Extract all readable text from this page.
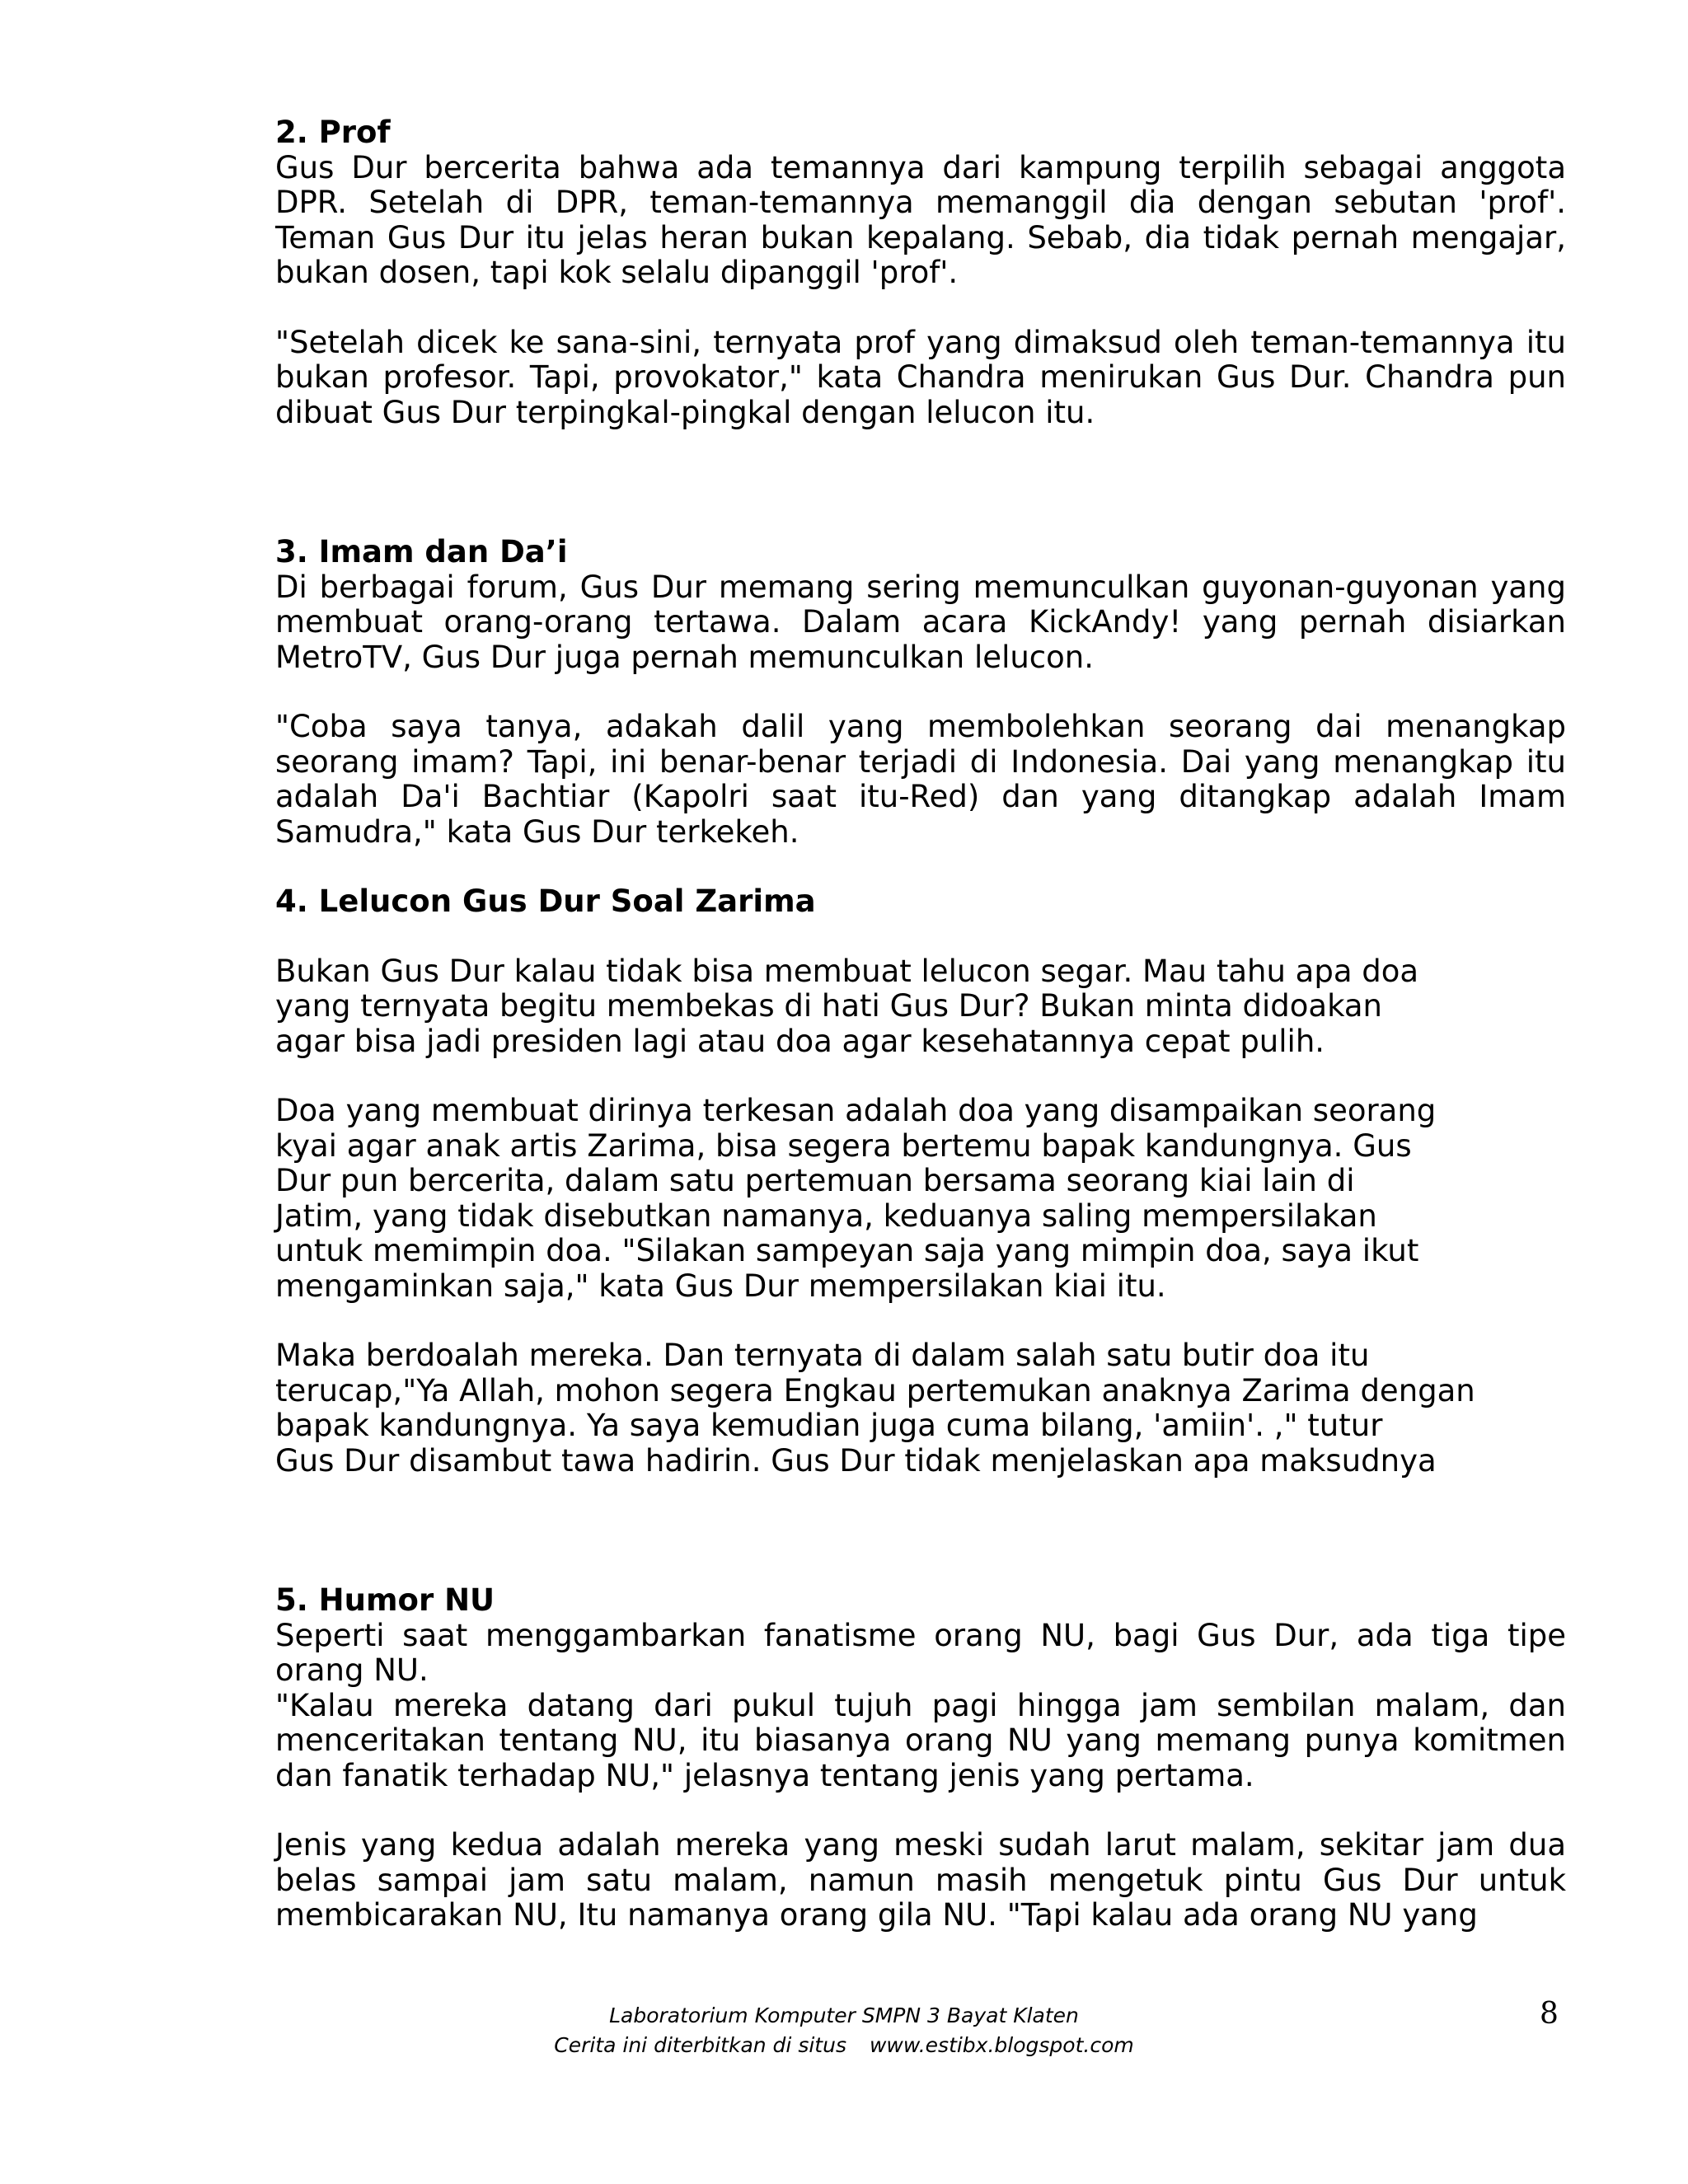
2. Prof

Gus Dur bercerita bahwa ada temannya dari kampung terpilih sebagai anggota DPR. Setelah di DPR, teman-temannya memanggil dia dengan sebutan 'prof'. Teman Gus Dur itu jelas heran bukan kepalang. Sebab, dia tidak pernah mengajar, bukan dosen, tapi kok selalu dipanggil 'prof'.

"Setelah dicek ke sana-sini, ternyata prof yang dimaksud oleh teman-temannya itu bukan profesor. Tapi, provokator," kata Chandra menirukan Gus Dur. Chandra pun dibuat Gus Dur terpingkal-pingkal dengan lelucon itu.

3. Imam dan Da’i

Di berbagai forum, Gus Dur memang sering memunculkan guyonan-guyonan yang membuat orang-orang tertawa. Dalam acara KickAndy! yang pernah disiarkan MetroTV, Gus Dur juga pernah memunculkan lelucon.

"Coba saya tanya, adakah dalil yang membolehkan seorang dai menangkap seorang imam? Tapi, ini benar-benar terjadi di Indonesia. Dai yang menangkap itu adalah Da'i Bachtiar (Kapolri saat itu-Red) dan yang ditangkap adalah Imam Samudra," kata Gus Dur terkekeh.

4. Lelucon Gus Dur Soal Zarima

Bukan Gus Dur kalau tidak bisa membuat lelucon segar. Mau tahu apa doa
yang ternyata begitu membekas di hati Gus Dur? Bukan minta didoakan
agar bisa jadi presiden lagi atau doa agar kesehatannya cepat pulih.
Doa yang membuat dirinya terkesan adalah doa yang disampaikan seorang
kyai agar anak artis Zarima, bisa segera bertemu bapak kandungnya. Gus
Dur pun bercerita, dalam satu pertemuan bersama seorang kiai lain di
Jatim, yang tidak disebutkan namanya, keduanya saling mempersilakan
untuk memimpin doa. "Silakan sampeyan saja yang mimpin doa, saya ikut
mengaminkan saja," kata Gus Dur mempersilakan kiai itu.
Maka berdoalah mereka. Dan ternyata di dalam salah satu butir doa itu
terucap,"Ya Allah, mohon segera Engkau pertemukan anaknya Zarima dengan
bapak kandungnya. Ya saya kemudian juga cuma bilang, 'amiin'. ," tutur
Gus Dur disambut tawa hadirin. Gus Dur tidak menjelaskan apa maksudnya

5. Humor NU

Seperti saat menggambarkan fanatisme orang NU, bagi Gus Dur, ada tiga tipe orang NU.

"Kalau mereka datang dari pukul tujuh pagi hingga jam sembilan malam, dan menceritakan tentang NU, itu biasanya orang NU yang memang punya komitmen dan fanatik terhadap NU," jelasnya tentang jenis yang pertama.

Jenis yang kedua adalah mereka yang meski sudah larut malam, sekitar jam dua belas sampai jam satu malam, namun masih mengetuk pintu Gus Dur untuk membicarakan NU, Itu namanya orang gila NU. "Tapi kalau ada orang NU yang

Laboratorium Komputer SMPN 3 Bayat Klaten
Cerita ini diterbitkan di situs www.estibx.blogspot.com
8
